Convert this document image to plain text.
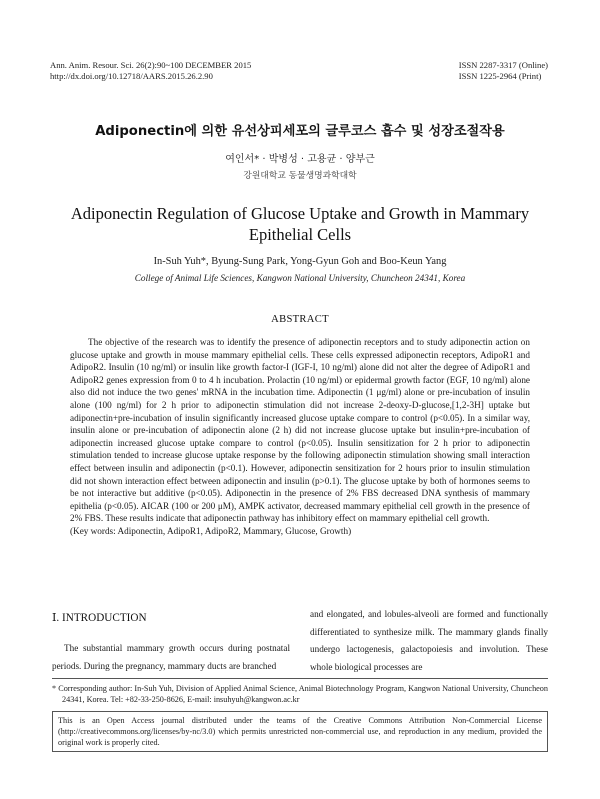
Ann. Anim. Resour. Sci. 26(2):90~100 DECEMBER 2015
http://dx.doi.org/10.12718/AARS.2015.26.2.90
ISSN 2287-3317 (Online)
ISSN 1225-2964 (Print)
Adiponectin에 의한 유선상피세포의 글루코스 흡수 및 성장조절작용
여인서* · 박병성 · 고용균 · 양부근
강원대학교 동물생명과학대학
Adiponectin Regulation of Glucose Uptake and Growth in Mammary
Epithelial Cells
In-Suh Yuh*, Byung-Sung Park, Yong-Gyun Goh and Boo-Keun Yang
College of Animal Life Sciences, Kangwon National University, Chuncheon 24341, Korea
ABSTRACT

The objective of the research was to identify the presence of adiponectin receptors and to study adiponectin action on glucose uptake and growth in mouse mammary epithelial cells. These cells expressed adiponectin receptors, AdipoR1 and AdipoR2. Insulin (10 ng/ml) or insulin like growth factor-I (IGF-I, 10 ng/ml) alone did not alter the degree of AdipoR1 and AdipoR2 genes expression from 0 to 4 h incubation. Prolactin (10 ng/ml) or epidermal growth factor (EGF, 10 ng/ml) alone also did not induce the two genes' mRNA in the incubation time. Adiponectin (1 μg/ml) alone or pre-incubation of insulin alone (100 ng/ml) for 2 h prior to adiponectin stimulation did not increase 2-deoxy-D-glucose,[1,2-3H] uptake but adiponectin+pre-incubation of insulin significantly increased glucose uptake compare to control (p<0.05). In a similar way, insulin alone or pre-incubation of adiponectin alone (2 h) did not increase glucose uptake but insulin+pre-incubation of adiponectin increased glucose uptake compare to control (p<0.05). Insulin sensitization for 2 h prior to adiponectin stimulation tended to increase glucose uptake response by the following adiponectin stimulation showing small interaction effect between insulin and adiponectin (p<0.1). However, adiponectin sensitization for 2 hours prior to insulin stimulation did not shown interaction effect between adiponectin and insulin (p>0.1). The glucose uptake by both of hormones seems to be not interactive but additive (p<0.05). Adiponectin in the presence of 2% FBS decreased DNA synthesis of mammary epithelia (p<0.05). AICAR (100 or 200 μM), AMPK activator, decreased mammary epithelial cell growth in the presence of 2% FBS. These results indicate that adiponectin pathway has inhibitory effect on mammary epithelial cell growth.

(Key words: Adiponectin, AdipoR1, AdipoR2, Mammary, Glucose, Growth)

Ⅰ. INTRODUCTION

The substantial mammary growth occurs during postnatal periods. During the pregnancy, mammary ducts are branched

and elongated, and lobules-alveoli are formed and functionally differentiated to synthesize milk. The mammary glands finally undergo lactogenesis, galactopoiesis and involution. These whole biological processes are

* Corresponding author: In-Suh Yuh, Division of Applied Animal Science, Animal Biotechnology Program, Kangwon National University, Chuncheon 24341, Korea. Tel: +82-33-250-8626, E-mail: insuhyuh@kangwon.ac.kr

This is an Open Access journal distributed under the teams of the Creative Commons Attribution Non-Commercial License (http://creativecommons.org/licenses/by-nc/3.0) which permits unrestricted non-commercial use, and reproduction in any medium, provided the original work is properly cited.
